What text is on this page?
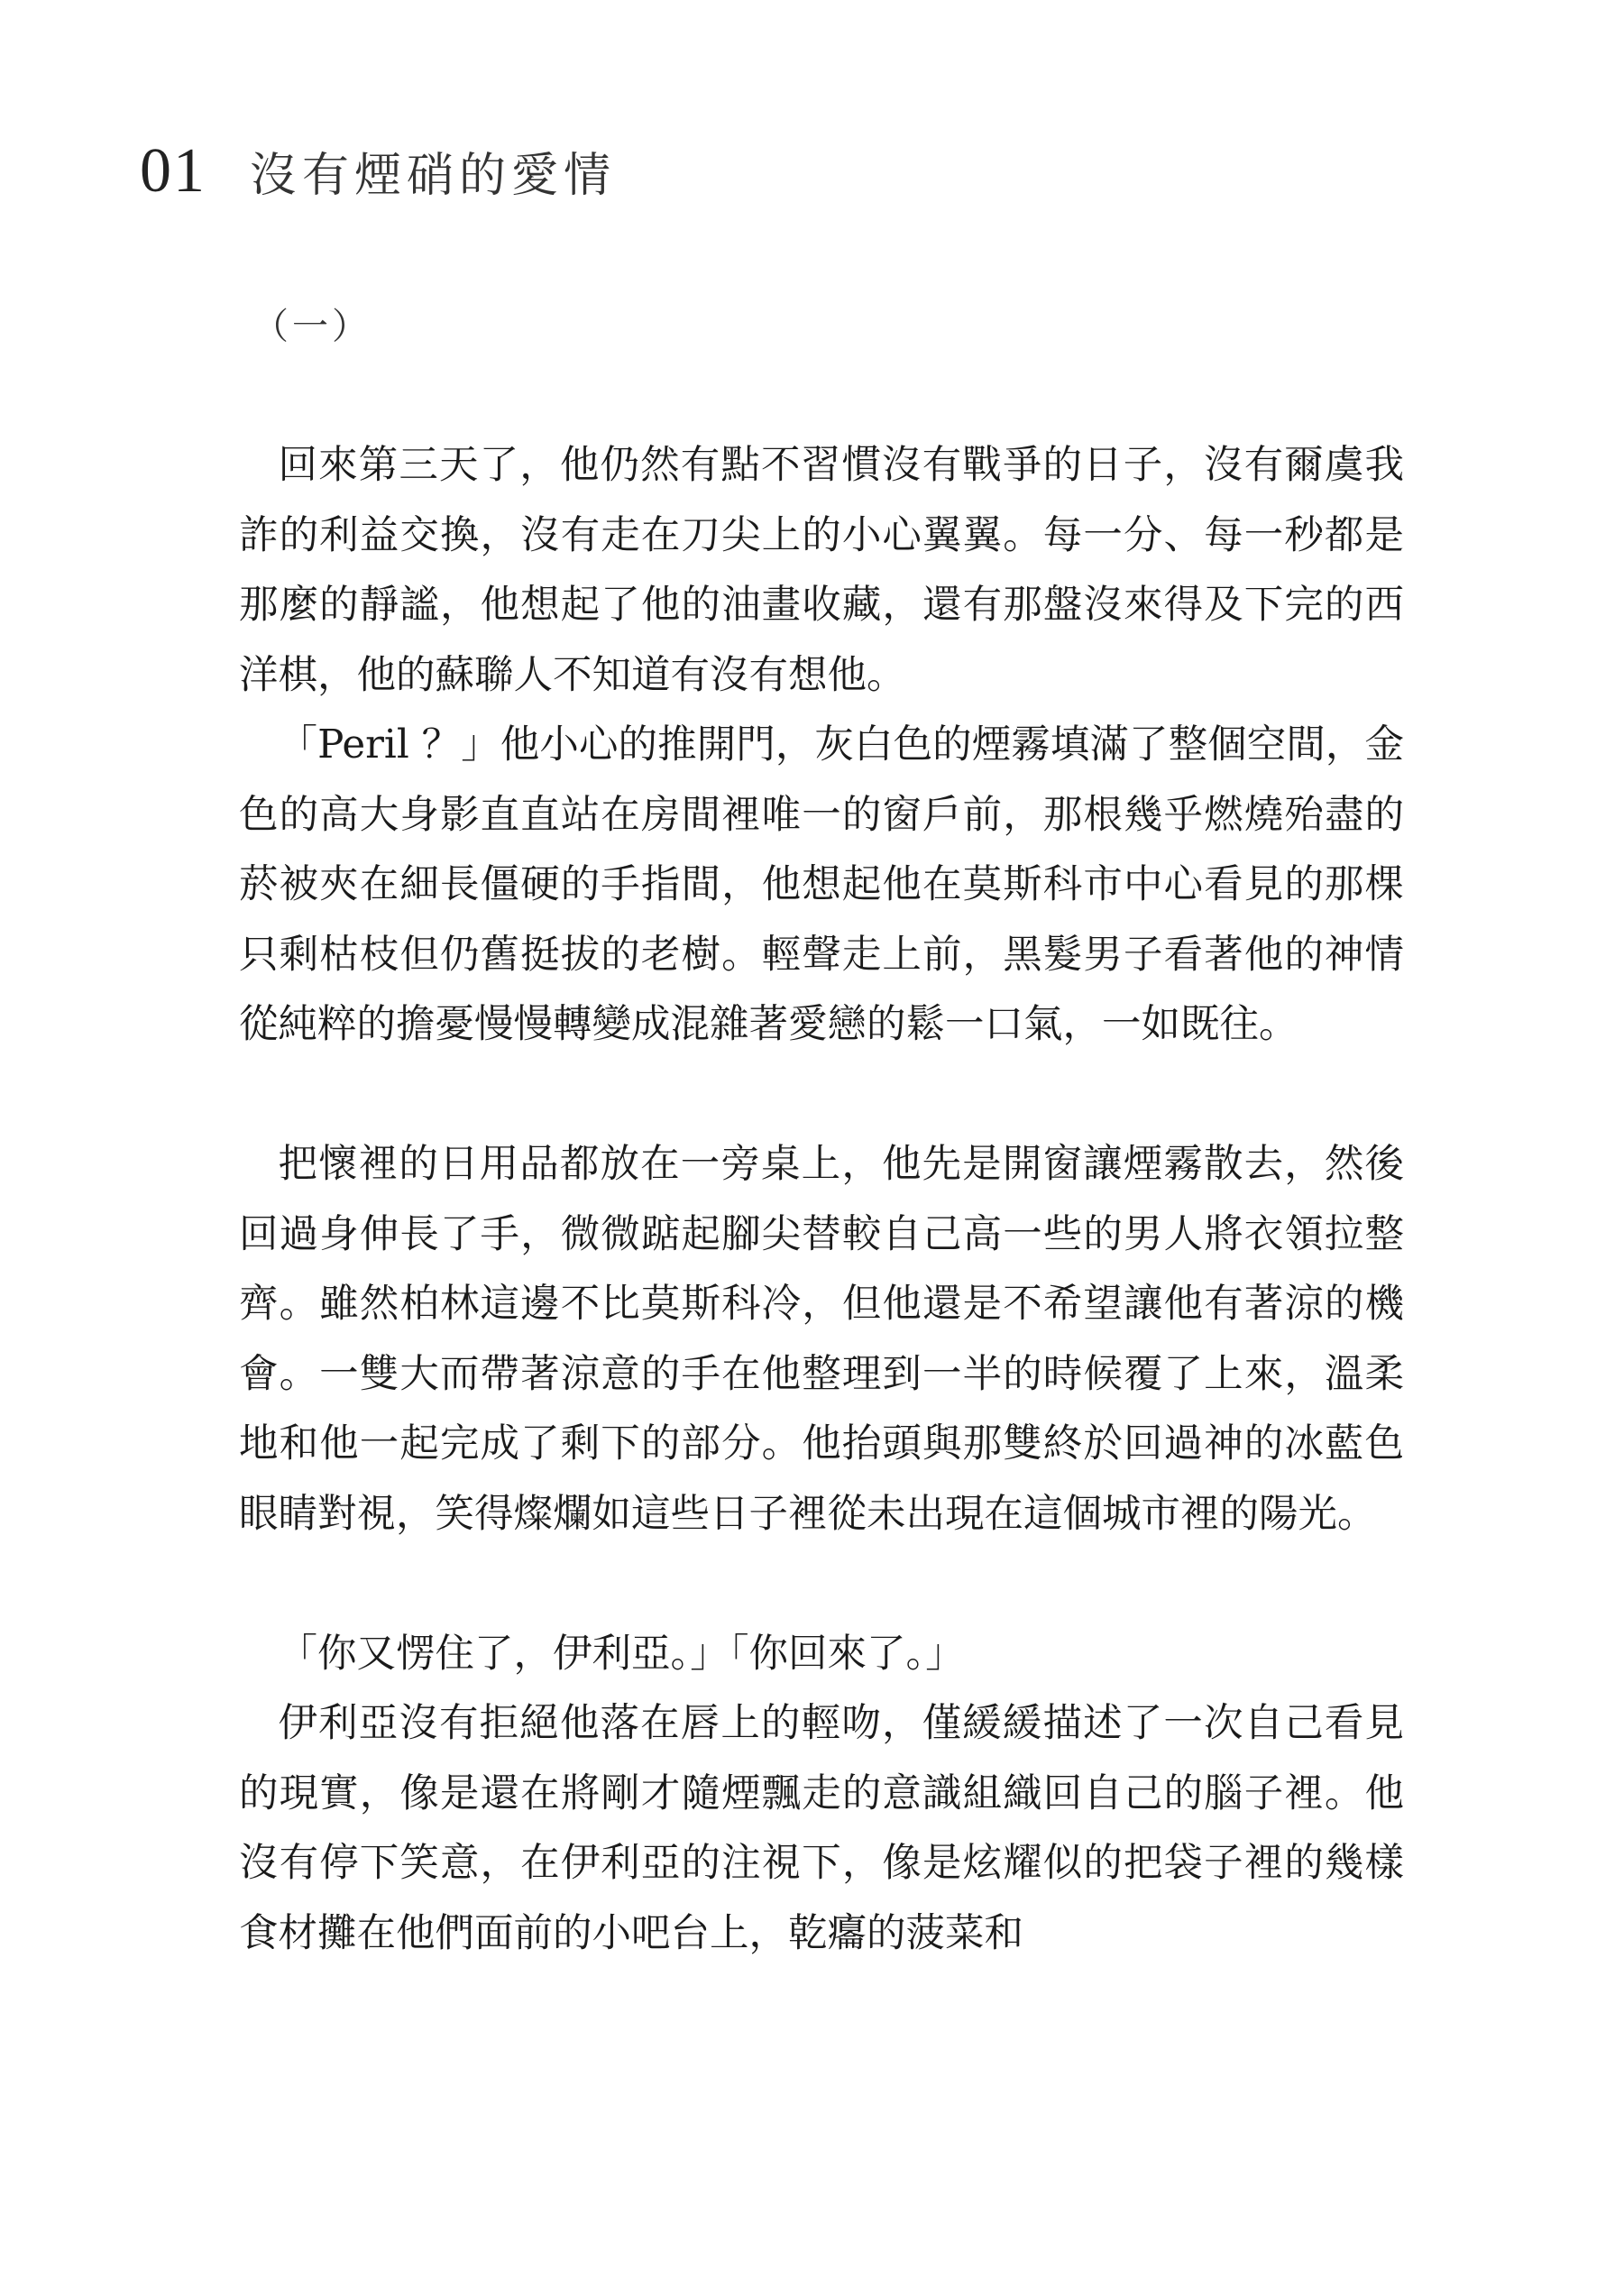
01 沒有煙硝的愛情
（一）

回來第三天了，他仍然有點不習慣沒有戰爭的日子，沒有爾虞我詐的利益交換，沒有走在刀尖上的小心翼翼。每一分、每一秒都是那麼的靜謐，他想起了他的油畫收藏，還有那盤沒來得及下完的西洋棋，他的蘇聯人不知道有沒有想他。

「Peril ？」他小心的推開門，灰白色的煙霧填滿了整個空間，金色的高大身影直直站在房間裡唯一的窗戶前，那根幾乎燃燒殆盡的菸被夾在細長僵硬的手指間，他想起他在莫斯科市中心看見的那棵只剩枯枝但仍舊挺拔的老樹。輕聲走上前，黑髮男子看著他的神情從純粹的擔憂慢慢轉變成混雜著愛戀的鬆一口氣，一如既往。

把懷裡的日用品都放在一旁桌上，他先是開窗讓煙霧散去，然後回過身伸長了手，微微踮起腳尖替較自己高一些的男人將衣領拉整齊。雖然柏林這邊不比莫斯科冷，但他還是不希望讓他有著涼的機會。一雙大而帶著涼意的手在他整理到一半的時候覆了上來，溫柔地和他一起完成了剩下的部分。他抬頭與那雙終於回過神的冰藍色眼睛對視，笑得燦爛如這些日子裡從未出現在這個城市裡的陽光。

「你又愣住了，伊利亞。」「你回來了。」

伊利亞沒有拒絕他落在唇上的輕吻，僅緩緩描述了一次自己看見的現實，像是還在將剛才隨煙飄走的意識組織回自己的腦子裡。他沒有停下笑意，在伊利亞的注視下，像是炫耀似的把袋子裡的幾樣食材攤在他們面前的小吧台上，乾癟的菠菜和
